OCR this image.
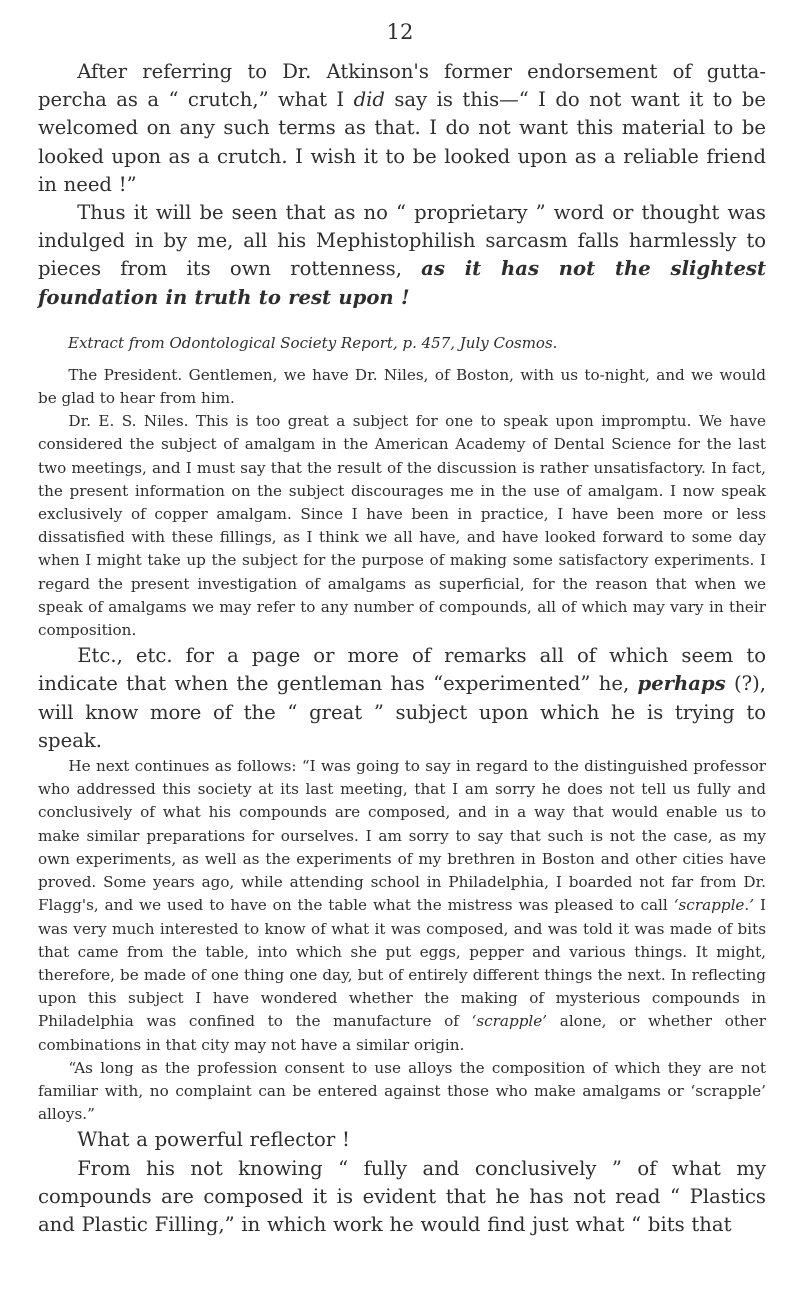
12

After referring to Dr. Atkinson's former endorsement of gutta-percha as a “ crutch,” what I did say is this—“ I do not want it to be welcomed on any such terms as that. I do not want this material to be looked upon as a crutch. I wish it to be looked upon as a reliable friend in need !”

Thus it will be seen that as no “ proprietary ” word or thought was indulged in by me, all his Mephistophilish sarcasm falls harmlessly to pieces from its own rottenness, as it has not the slightest foundation in truth to rest upon !

Extract from Odontological Society Report, p. 457, July Cosmos.

The President. Gentlemen, we have Dr. Niles, of Boston, with us to-night, and we would be glad to hear from him.

Dr. E. S. Niles. This is too great a subject for one to speak upon impromptu. We have considered the subject of amalgam in the American Academy of Dental Science for the last two meetings, and I must say that the result of the discussion is rather unsatisfactory. In fact, the present information on the subject discourages me in the use of amalgam. I now speak exclusively of copper amalgam. Since I have been in practice, I have been more or less dissatisfied with these fillings, as I think we all have, and have looked forward to some day when I might take up the subject for the purpose of making some satisfactory experiments. I regard the present investigation of amalgams as superficial, for the reason that when we speak of amalgams we may refer to any number of compounds, all of which may vary in their composition.

Etc., etc. for a page or more of remarks all of which seem to indicate that when the gentleman has “experimented” he, perhaps (?), will know more of the “ great ” subject upon which he is trying to speak.

He next continues as follows: “I was going to say in regard to the distinguished professor who addressed this society at its last meeting, that I am sorry he does not tell us fully and conclusively of what his compounds are composed, and in a way that would enable us to make similar preparations for ourselves. I am sorry to say that such is not the case, as my own experiments, as well as the experiments of my brethren in Boston and other cities have proved. Some years ago, while attending school in Philadelphia, I boarded not far from Dr. Flagg's, and we used to have on the table what the mistress was pleased to call ‘scrapple.’ I was very much interested to know of what it was composed, and was told it was made of bits that came from the table, into which she put eggs, pepper and various things. It might, therefore, be made of one thing one day, but of entirely different things the next. In reflecting upon this subject I have wondered whether the making of mysterious compounds in Philadelphia was confined to the manufacture of ‘scrapple’ alone, or whether other combinations in that city may not have a similar origin.

“As long as the profession consent to use alloys the composition of which they are not familiar with, no complaint can be entered against those who make amalgams or ‘scrapple’ alloys.”

What a powerful reflector !

From his not knowing “ fully and conclusively ” of what my compounds are composed it is evident that he has not read “ Plastics and Plastic Filling,” in which work he would find just what “ bits that
